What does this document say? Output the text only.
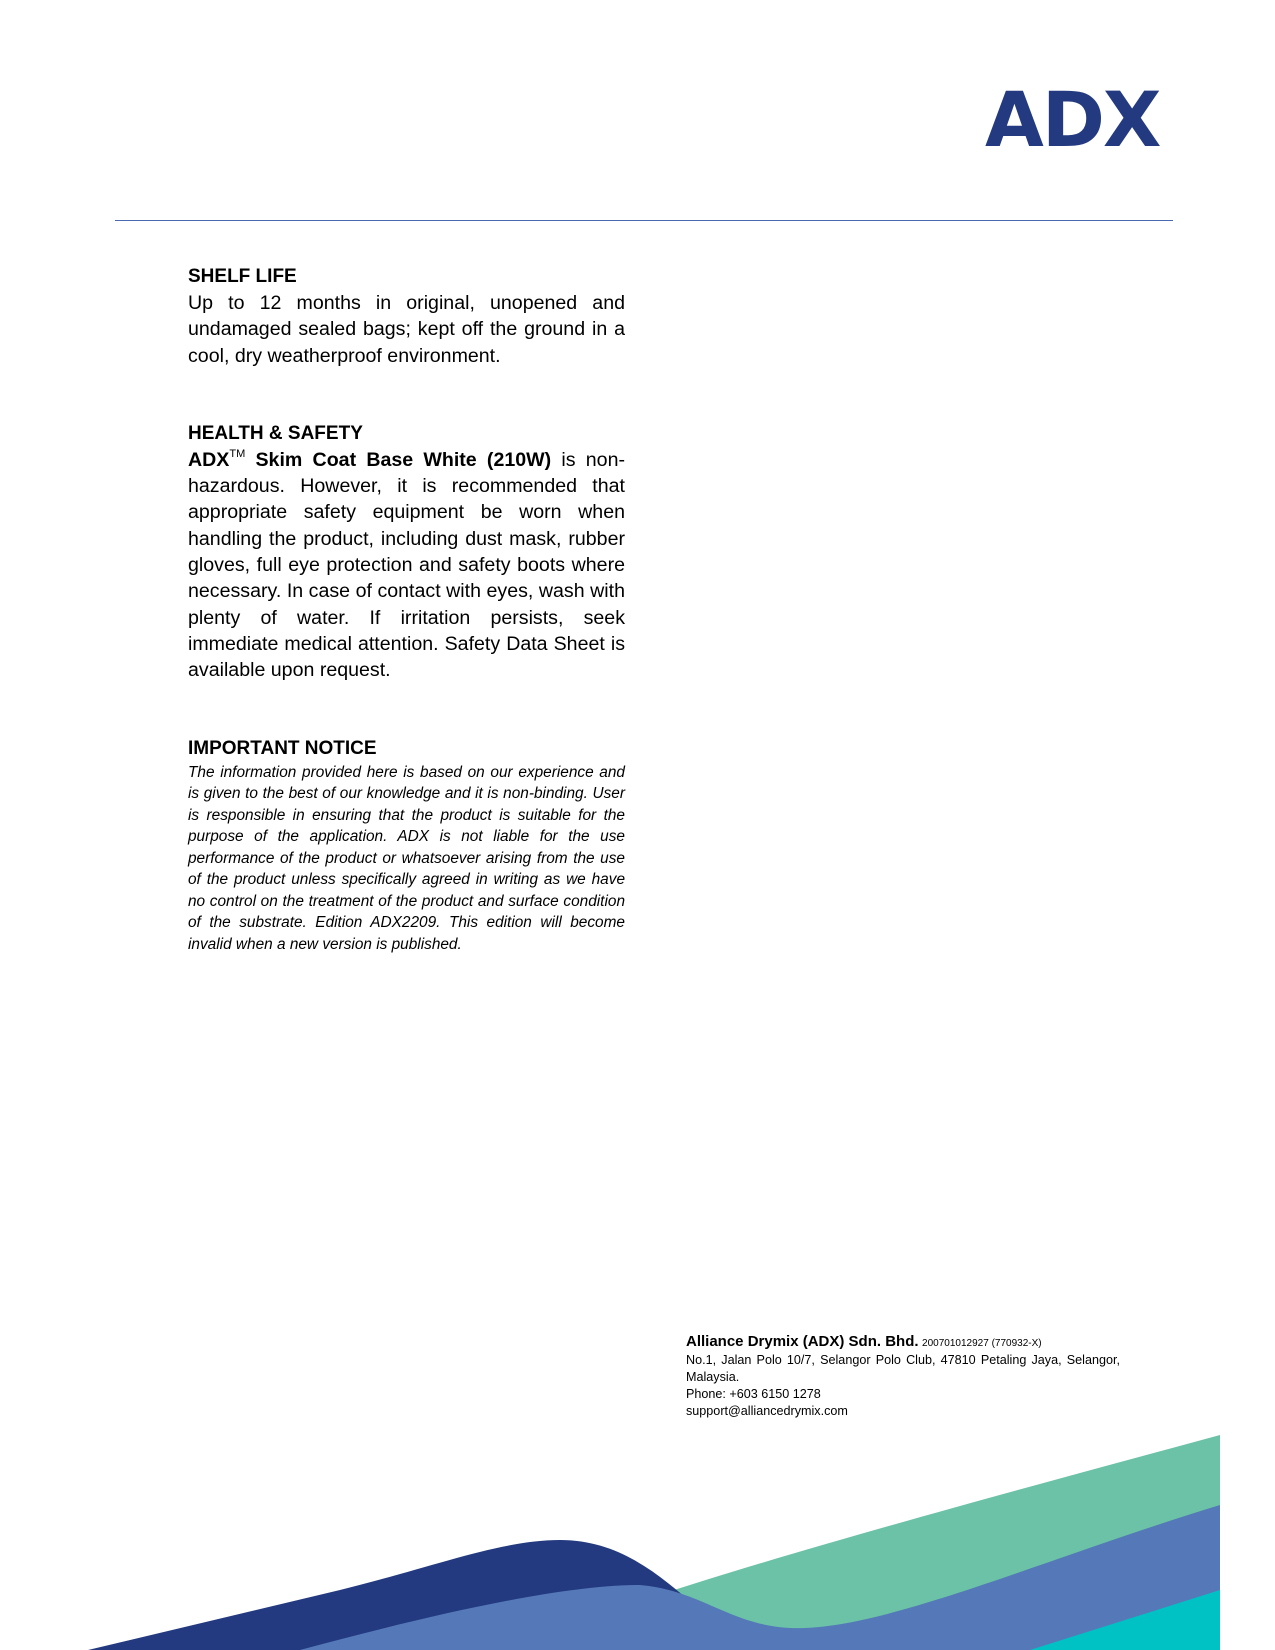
ADX

SHELF LIFE

Up to 12 months in original, unopened and undamaged sealed bags; kept off the ground in a cool, dry weatherproof environment.

HEALTH & SAFETY

ADX™ Skim Coat Base White (210W) is non-hazardous. However, it is recommended that appropriate safety equipment be worn when handling the product, including dust mask, rubber gloves, full eye protection and safety boots where necessary. In case of contact with eyes, wash with plenty of water. If irritation persists, seek immediate medical attention. Safety Data Sheet is available upon request.

IMPORTANT NOTICE

The information provided here is based on our experience and is given to the best of our knowledge and it is non-binding. User is responsible in ensuring that the product is suitable for the purpose of the application. ADX is not liable for the use performance of the product or whatsoever arising from the use of the product unless specifically agreed in writing as we have no control on the treatment of the product and surface condition of the substrate. Edition ADX2209. This edition will become invalid when a new version is published.

Alliance Drymix (ADX) Sdn. Bhd. 200701012927 (770932-X)
No.1, Jalan Polo 10/7, Selangor Polo Club, 47810 Petaling Jaya, Selangor, Malaysia.
Phone: +603 6150 1278
support@alliancedrymix.com
